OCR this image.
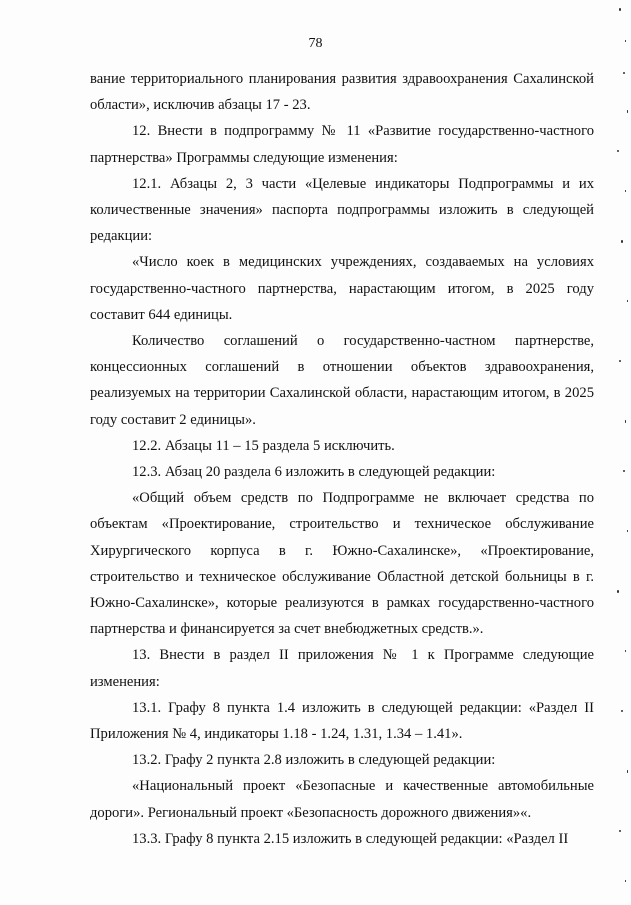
78

вание территориального планирования развития здравоохранения Сахалинской области», исключив абзацы 17 - 23.

12. Внести в подпрограмму № 11 «Развитие государственно-частного партнерства» Программы следующие изменения:

12.1. Абзацы 2, 3 части «Целевые индикаторы Подпрограммы и их количественные значения» паспорта подпрограммы изложить в следующей редакции:

«Число коек в медицинских учреждениях, создаваемых на условиях государственно-частного партнерства, нарастающим итогом, в 2025 году составит 644 единицы.

Количество соглашений о государственно-частном партнерстве, концессионных соглашений в отношении объектов здравоохранения, реализуемых на территории Сахалинской области, нарастающим итогом, в 2025 году составит 2 единицы».

12.2. Абзацы 11 – 15 раздела 5 исключить.

12.3. Абзац 20 раздела 6 изложить в следующей редакции:

«Общий объем средств по Подпрограмме не включает средства по объектам «Проектирование, строительство и техническое обслуживание Хирургического корпуса в г. Южно-Сахалинске», «Проектирование, строительство и техническое обслуживание Областной детской больницы в г. Южно-Сахалинске», которые реализуются в рамках государственно-частного партнерства и финансируется за счет внебюджетных средств.».

13. Внести в раздел II приложения № 1 к Программе следующие изменения:

13.1. Графу 8 пункта 1.4 изложить в следующей редакции: «Раздел II Приложения № 4, индикаторы 1.18 - 1.24, 1.31, 1.34 – 1.41».

13.2. Графу 2 пункта 2.8 изложить в следующей редакции:

«Национальный проект «Безопасные и качественные автомобильные дороги». Региональный проект «Безопасность дорожного движения»«.

13.3. Графу 8 пункта 2.15 изложить в следующей редакции: «Раздел II
